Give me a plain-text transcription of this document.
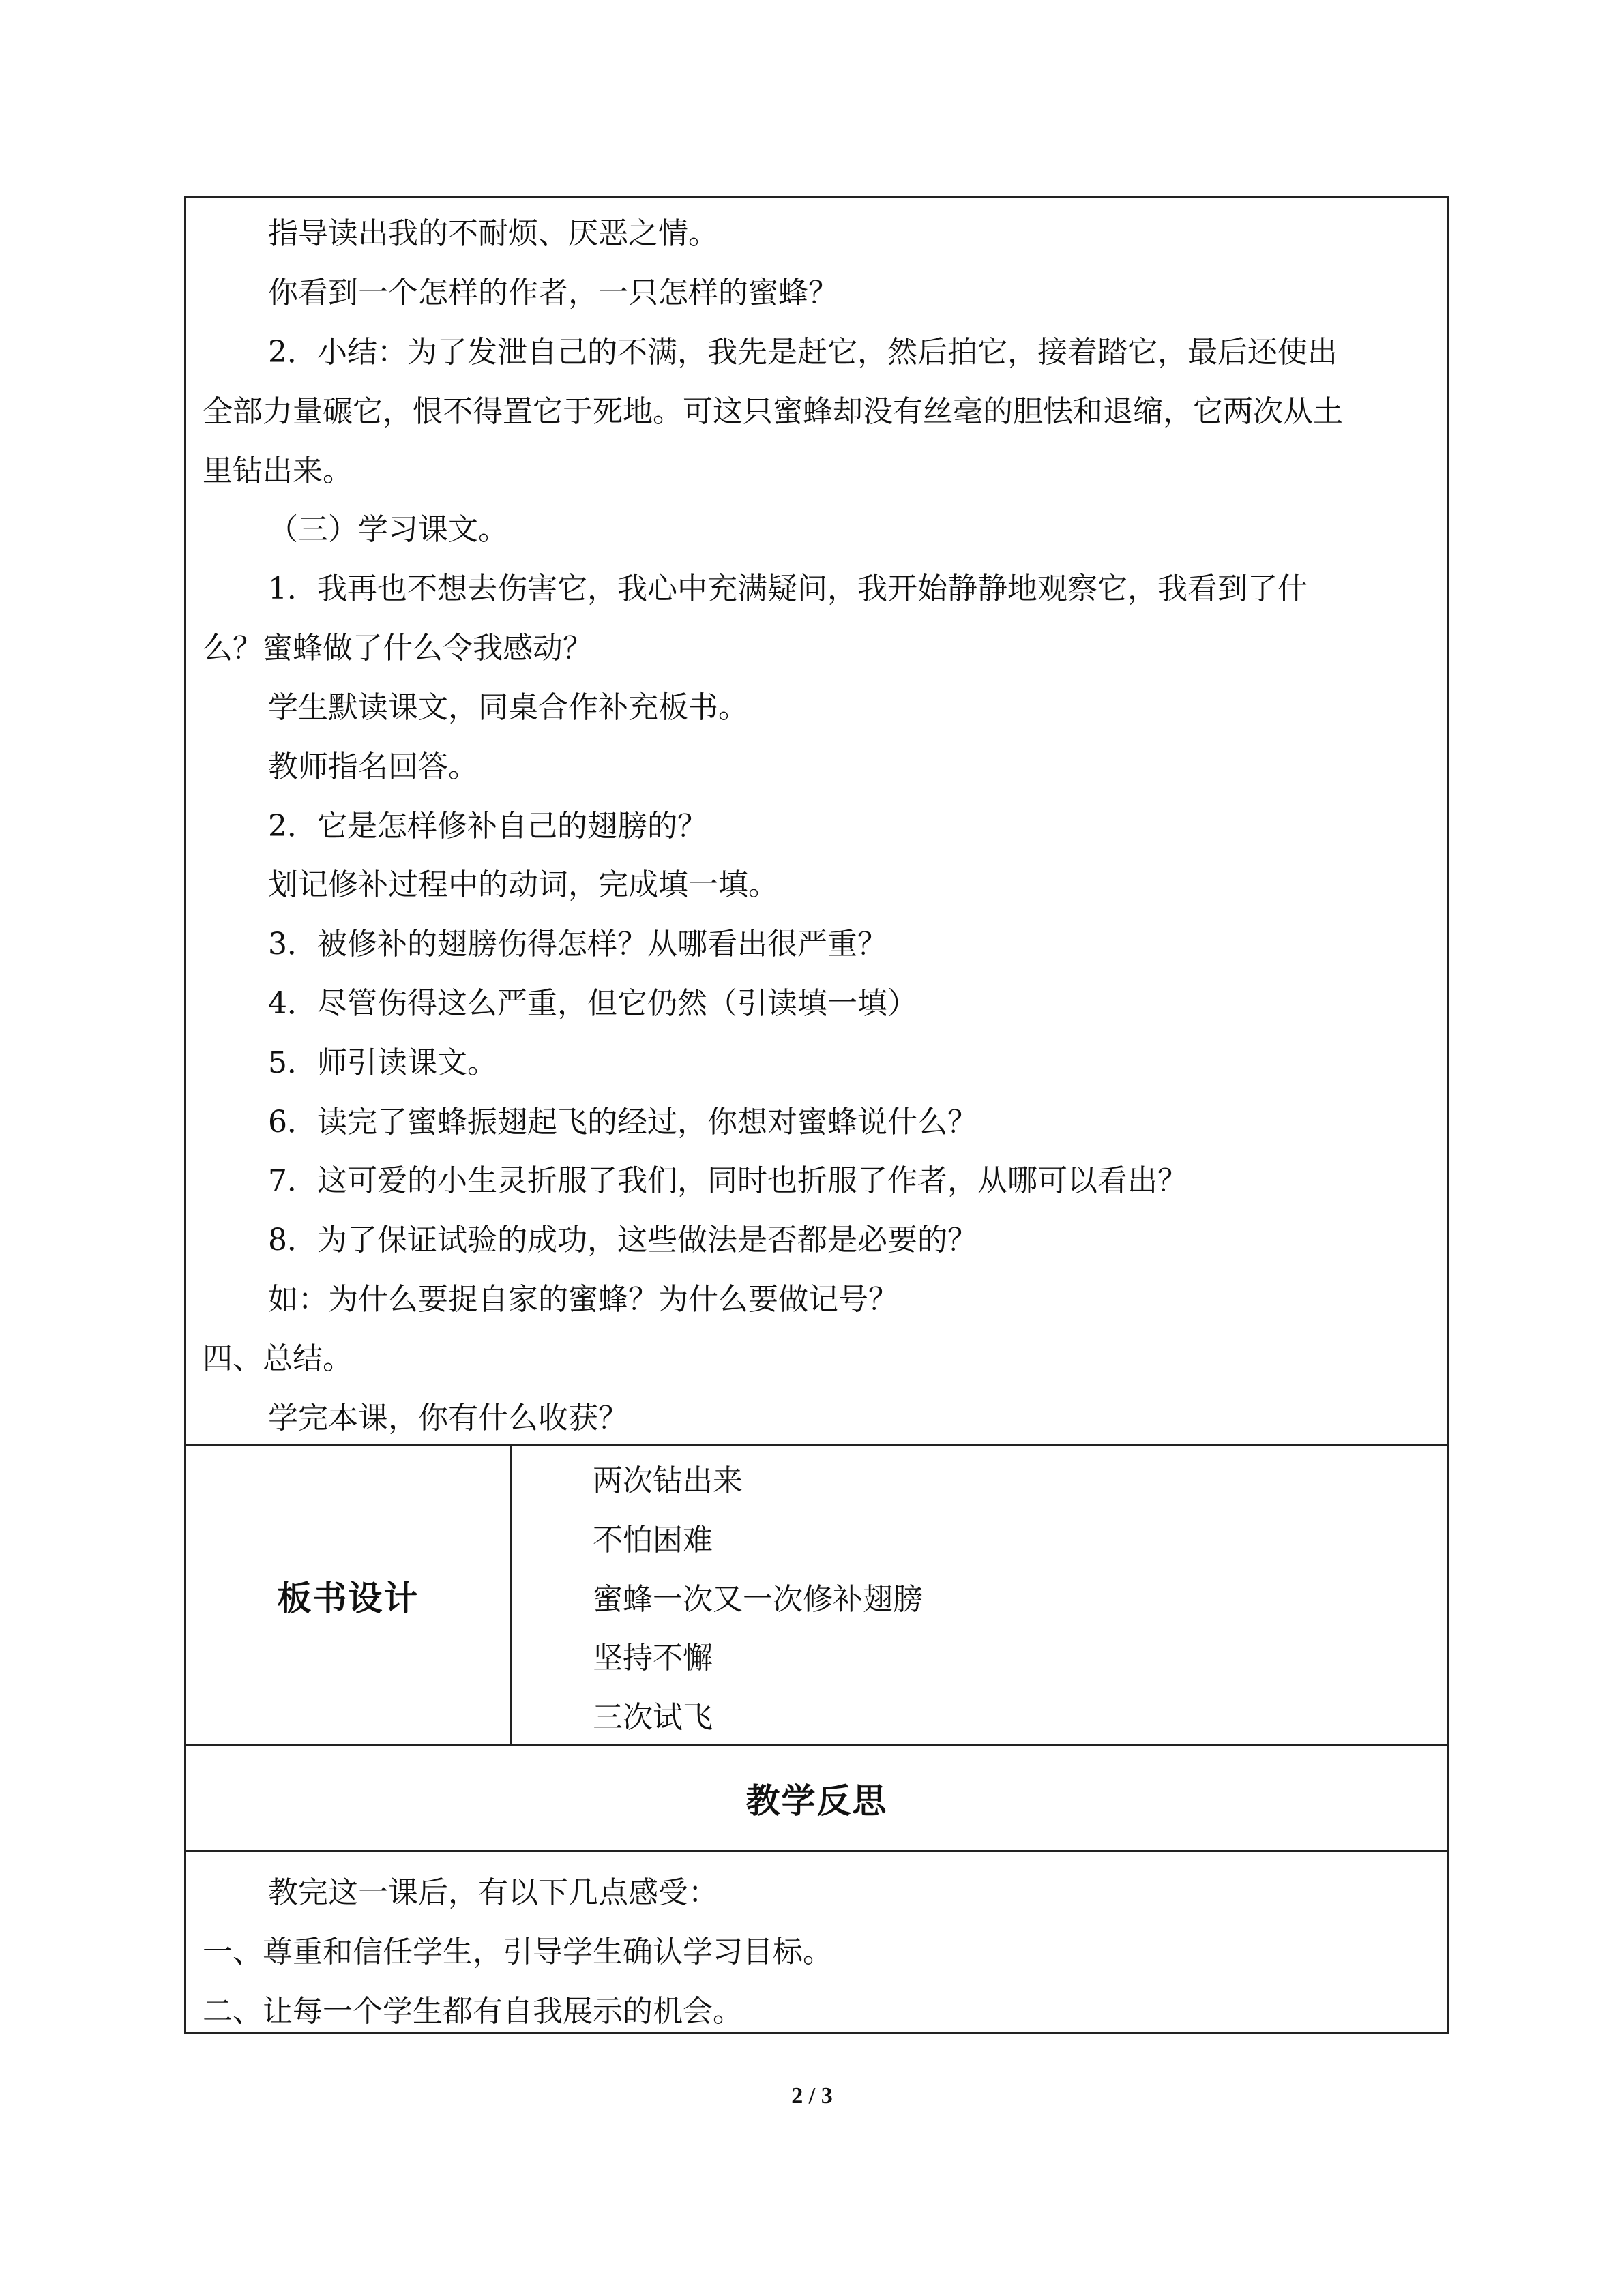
指导读出我的不耐烦、厌恶之情。
你看到一个怎样的作者，一只怎样的蜜蜂？
2．小结：为了发泄自己的不满，我先是赶它，然后拍它，接着踏它，最后还使出
全部力量碾它，恨不得置它于死地。可这只蜜蜂却没有丝毫的胆怯和退缩，它两次从土
里钻出来。
（三）学习课文。
1．我再也不想去伤害它，我心中充满疑问，我开始静静地观察它，我看到了什
么？蜜蜂做了什么令我感动？
学生默读课文，同桌合作补充板书。
教师指名回答。
2．它是怎样修补自己的翅膀的？
划记修补过程中的动词，完成填一填。
3．被修补的翅膀伤得怎样？从哪看出很严重？
4．尽管伤得这么严重，但它仍然（引读填一填）
5．师引读课文。
6．读完了蜜蜂振翅起飞的经过，你想对蜜蜂说什么？
7．这可爱的小生灵折服了我们，同时也折服了作者，从哪可以看出？
8．为了保证试验的成功，这些做法是否都是必要的？
如：为什么要捉自家的蜜蜂？为什么要做记号？
四、总结。
学完本课，你有什么收获？
板书设计
两次钻出来
不怕困难
蜜蜂一次又一次修补翅膀
坚持不懈
三次试飞
教学反思
教完这一课后，有以下几点感受：
一、尊重和信任学生，引导学生确认学习目标。
二、让每一个学生都有自我展示的机会。
2 / 3
